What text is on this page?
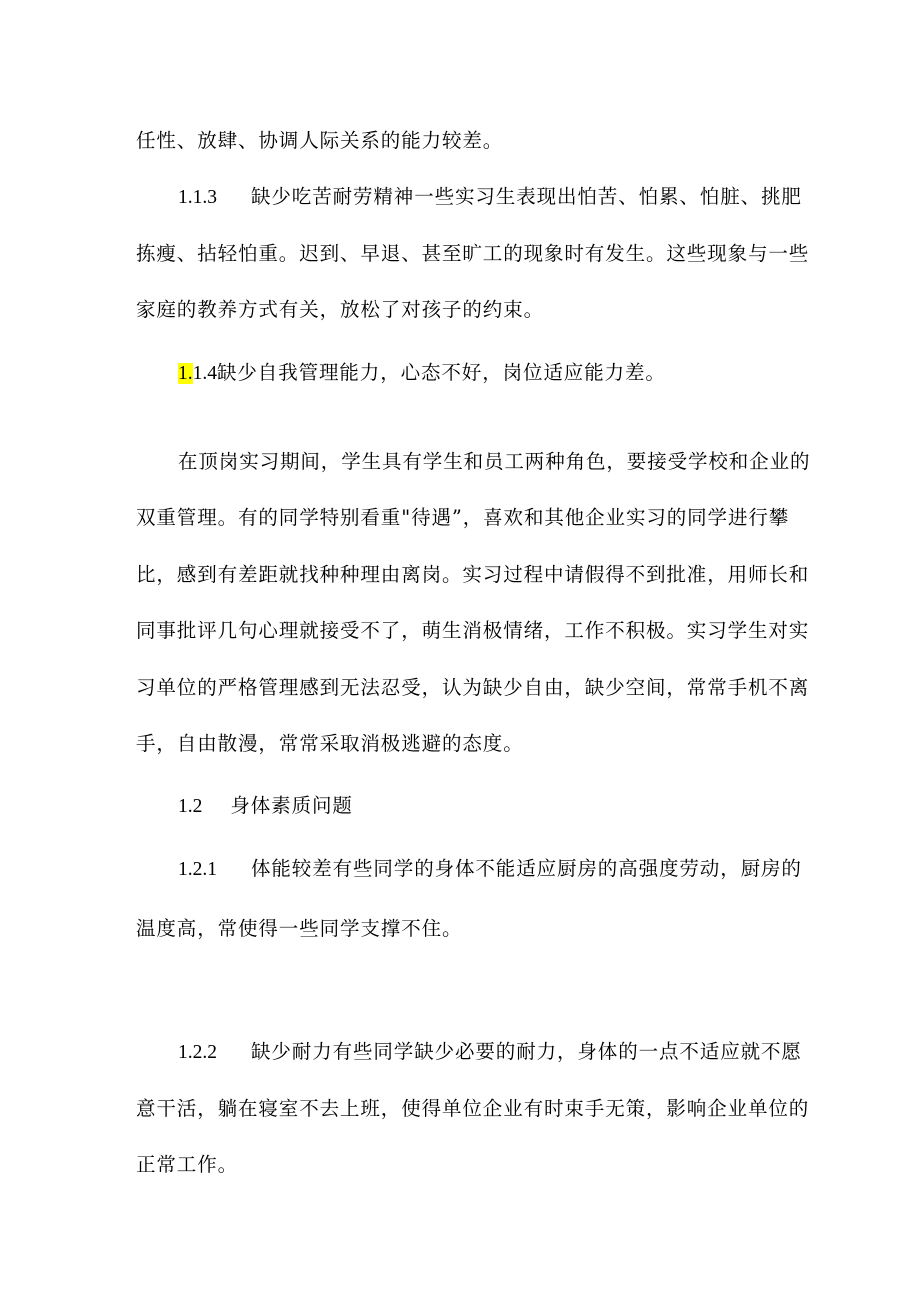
任性、放肆、协调人际关系的能力较差。
1.1.3 缺少吃苦耐劳精神一些实习生表现出怕苦、怕累、怕脏、挑肥
拣瘦、拈轻怕重。迟到、早退、甚至旷工的现象时有发生。这些现象与一些
家庭的教养方式有关，放松了对孩子的约束。
1.1.4缺少自我管理能力，心态不好，岗位适应能力差。
在顶岗实习期间，学生具有学生和员工两种角色，要接受学校和企业的
双重管理。有的同学特别看重"待遇”，喜欢和其他企业实习的同学进行攀
比，感到有差距就找种种理由离岗。实习过程中请假得不到批准，用师长和
同事批评几句心理就接受不了，萌生消极情绪，工作不积极。实习学生对实
习单位的严格管理感到无法忍受，认为缺少自由，缺少空间，常常手机不离
手，自由散漫，常常采取消极逃避的态度。
1.2 身体素质问题
1.2.1 体能较差有些同学的身体不能适应厨房的高强度劳动，厨房的
温度高，常使得一些同学支撑不住。
1.2.2 缺少耐力有些同学缺少必要的耐力，身体的一点不适应就不愿
意干活，躺在寝室不去上班，使得单位企业有时束手无策，影响企业单位的
正常工作。
